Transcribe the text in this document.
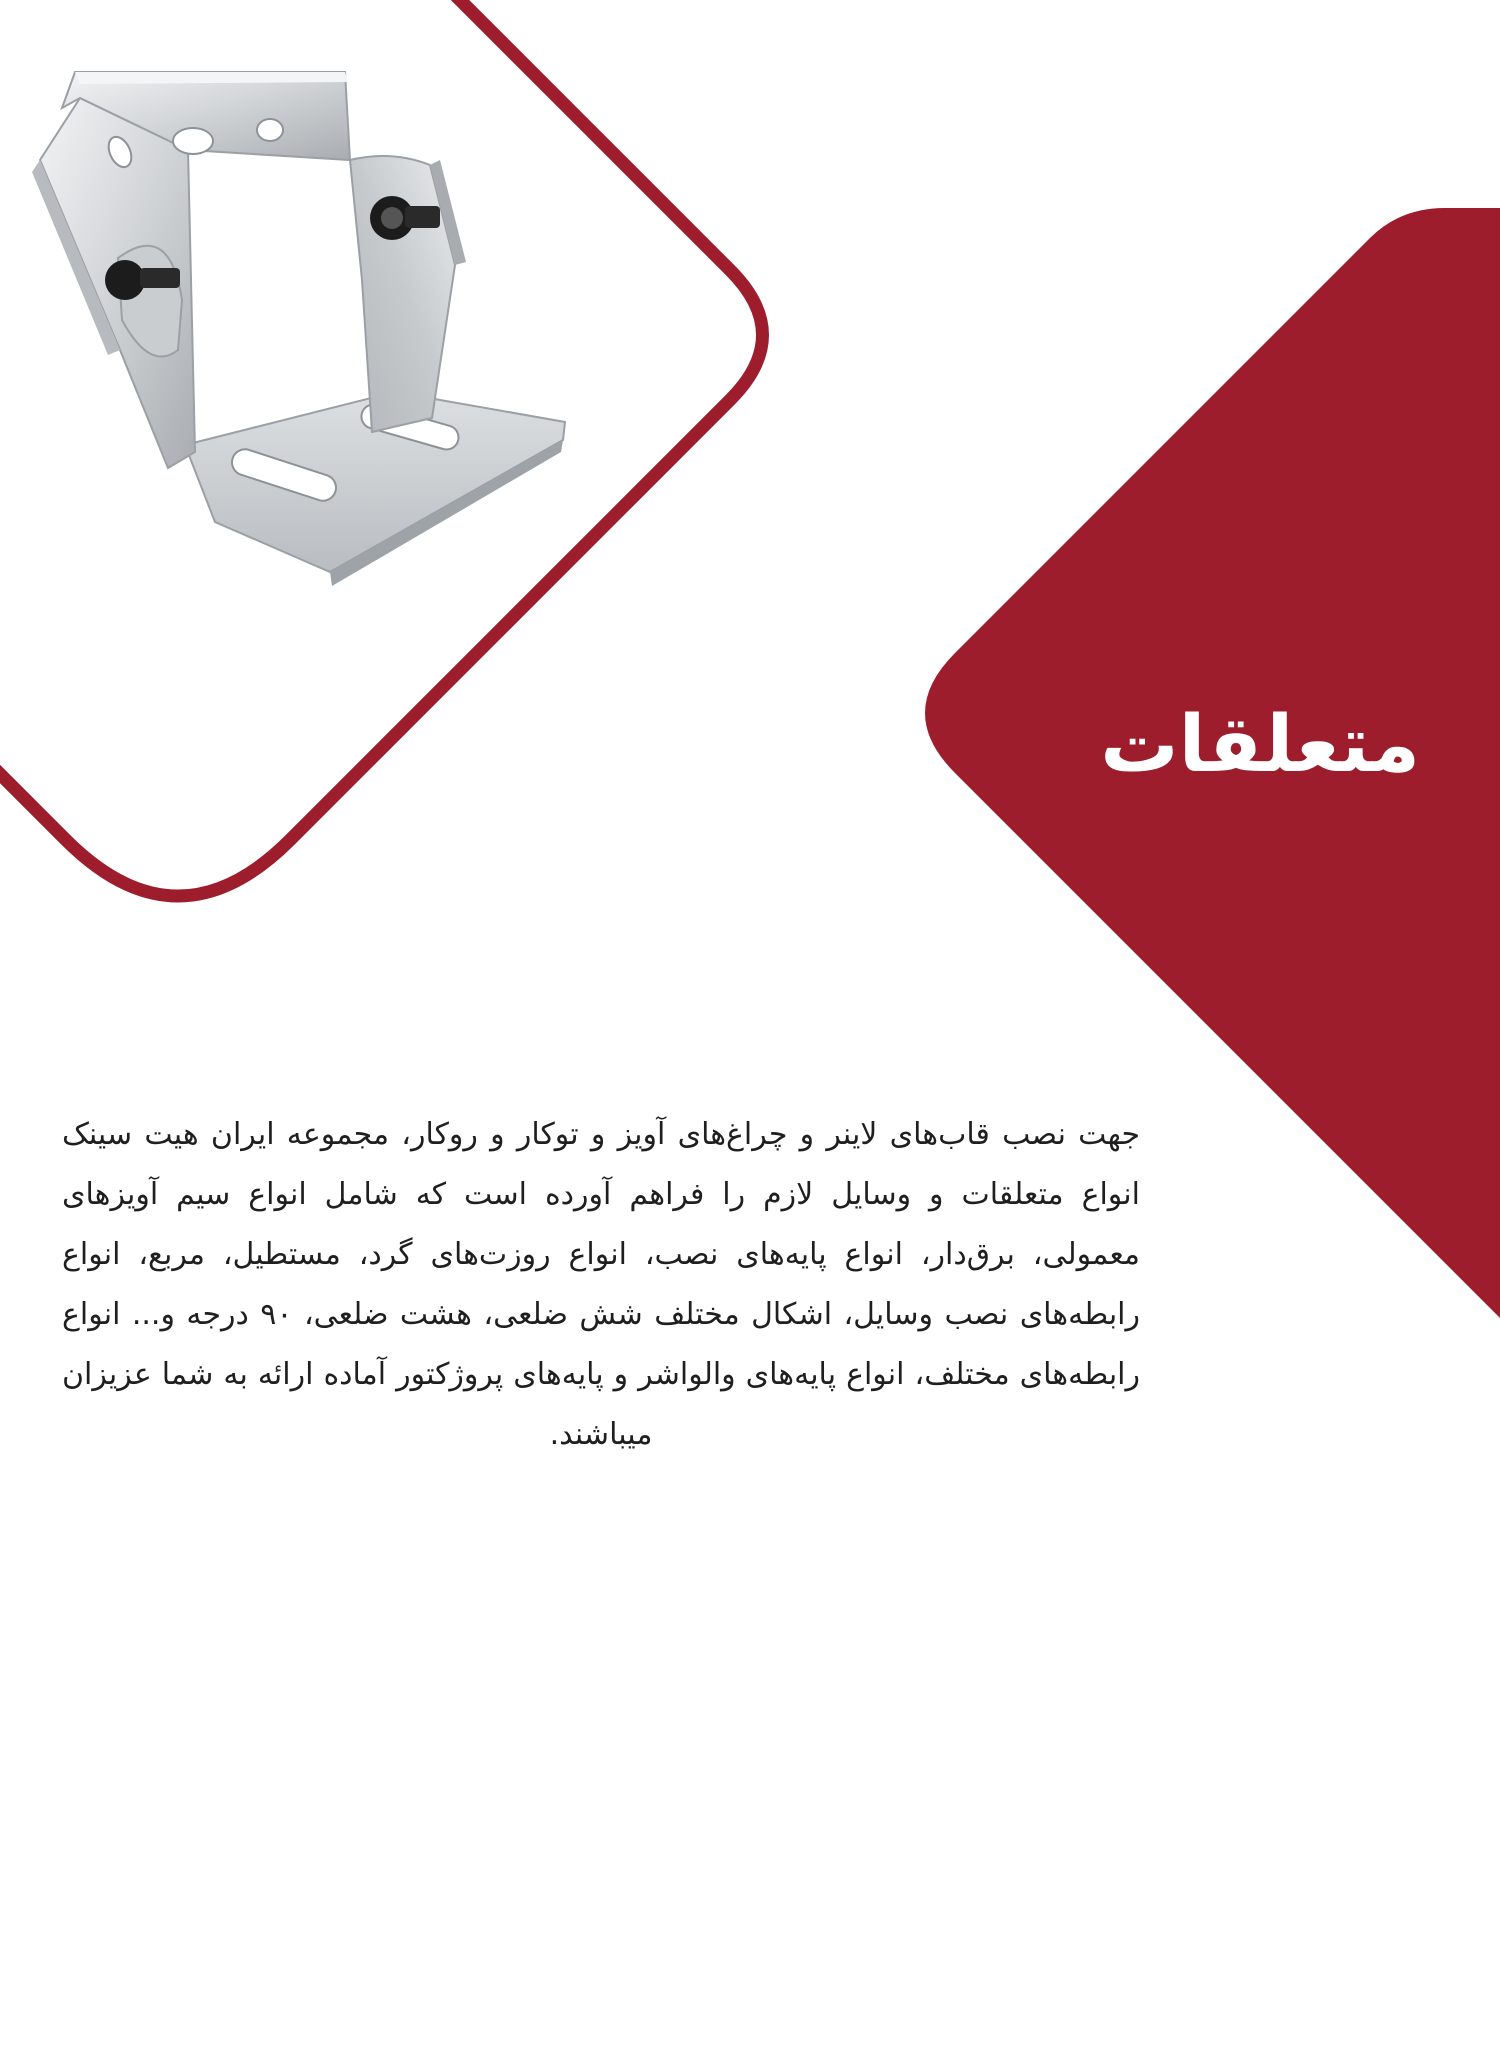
متعلقات

جهت نصب قاب‌های لاینر و چراغ‌های آویز و توکار و روکار، مجموعه ایران هیت سینک انواع متعلقات و وسایل لازم را فراهم آورده است که شامل انواع سیم آویزهای معمولی، برق‌دار، انواع پایه‌های نصب، انواع روزت‌های گرد، مستطیل، مربع، انواع رابطه‌های نصب وسایل، اشکال مختلف شش ضلعی، هشت ضلعی، ۹۰ درجه و... انواع رابطه‌های مختلف، انواع پایه‌های والواشر و پایه‌های پروژکتور آماده ارائه به شما عزیزان میباشند.
